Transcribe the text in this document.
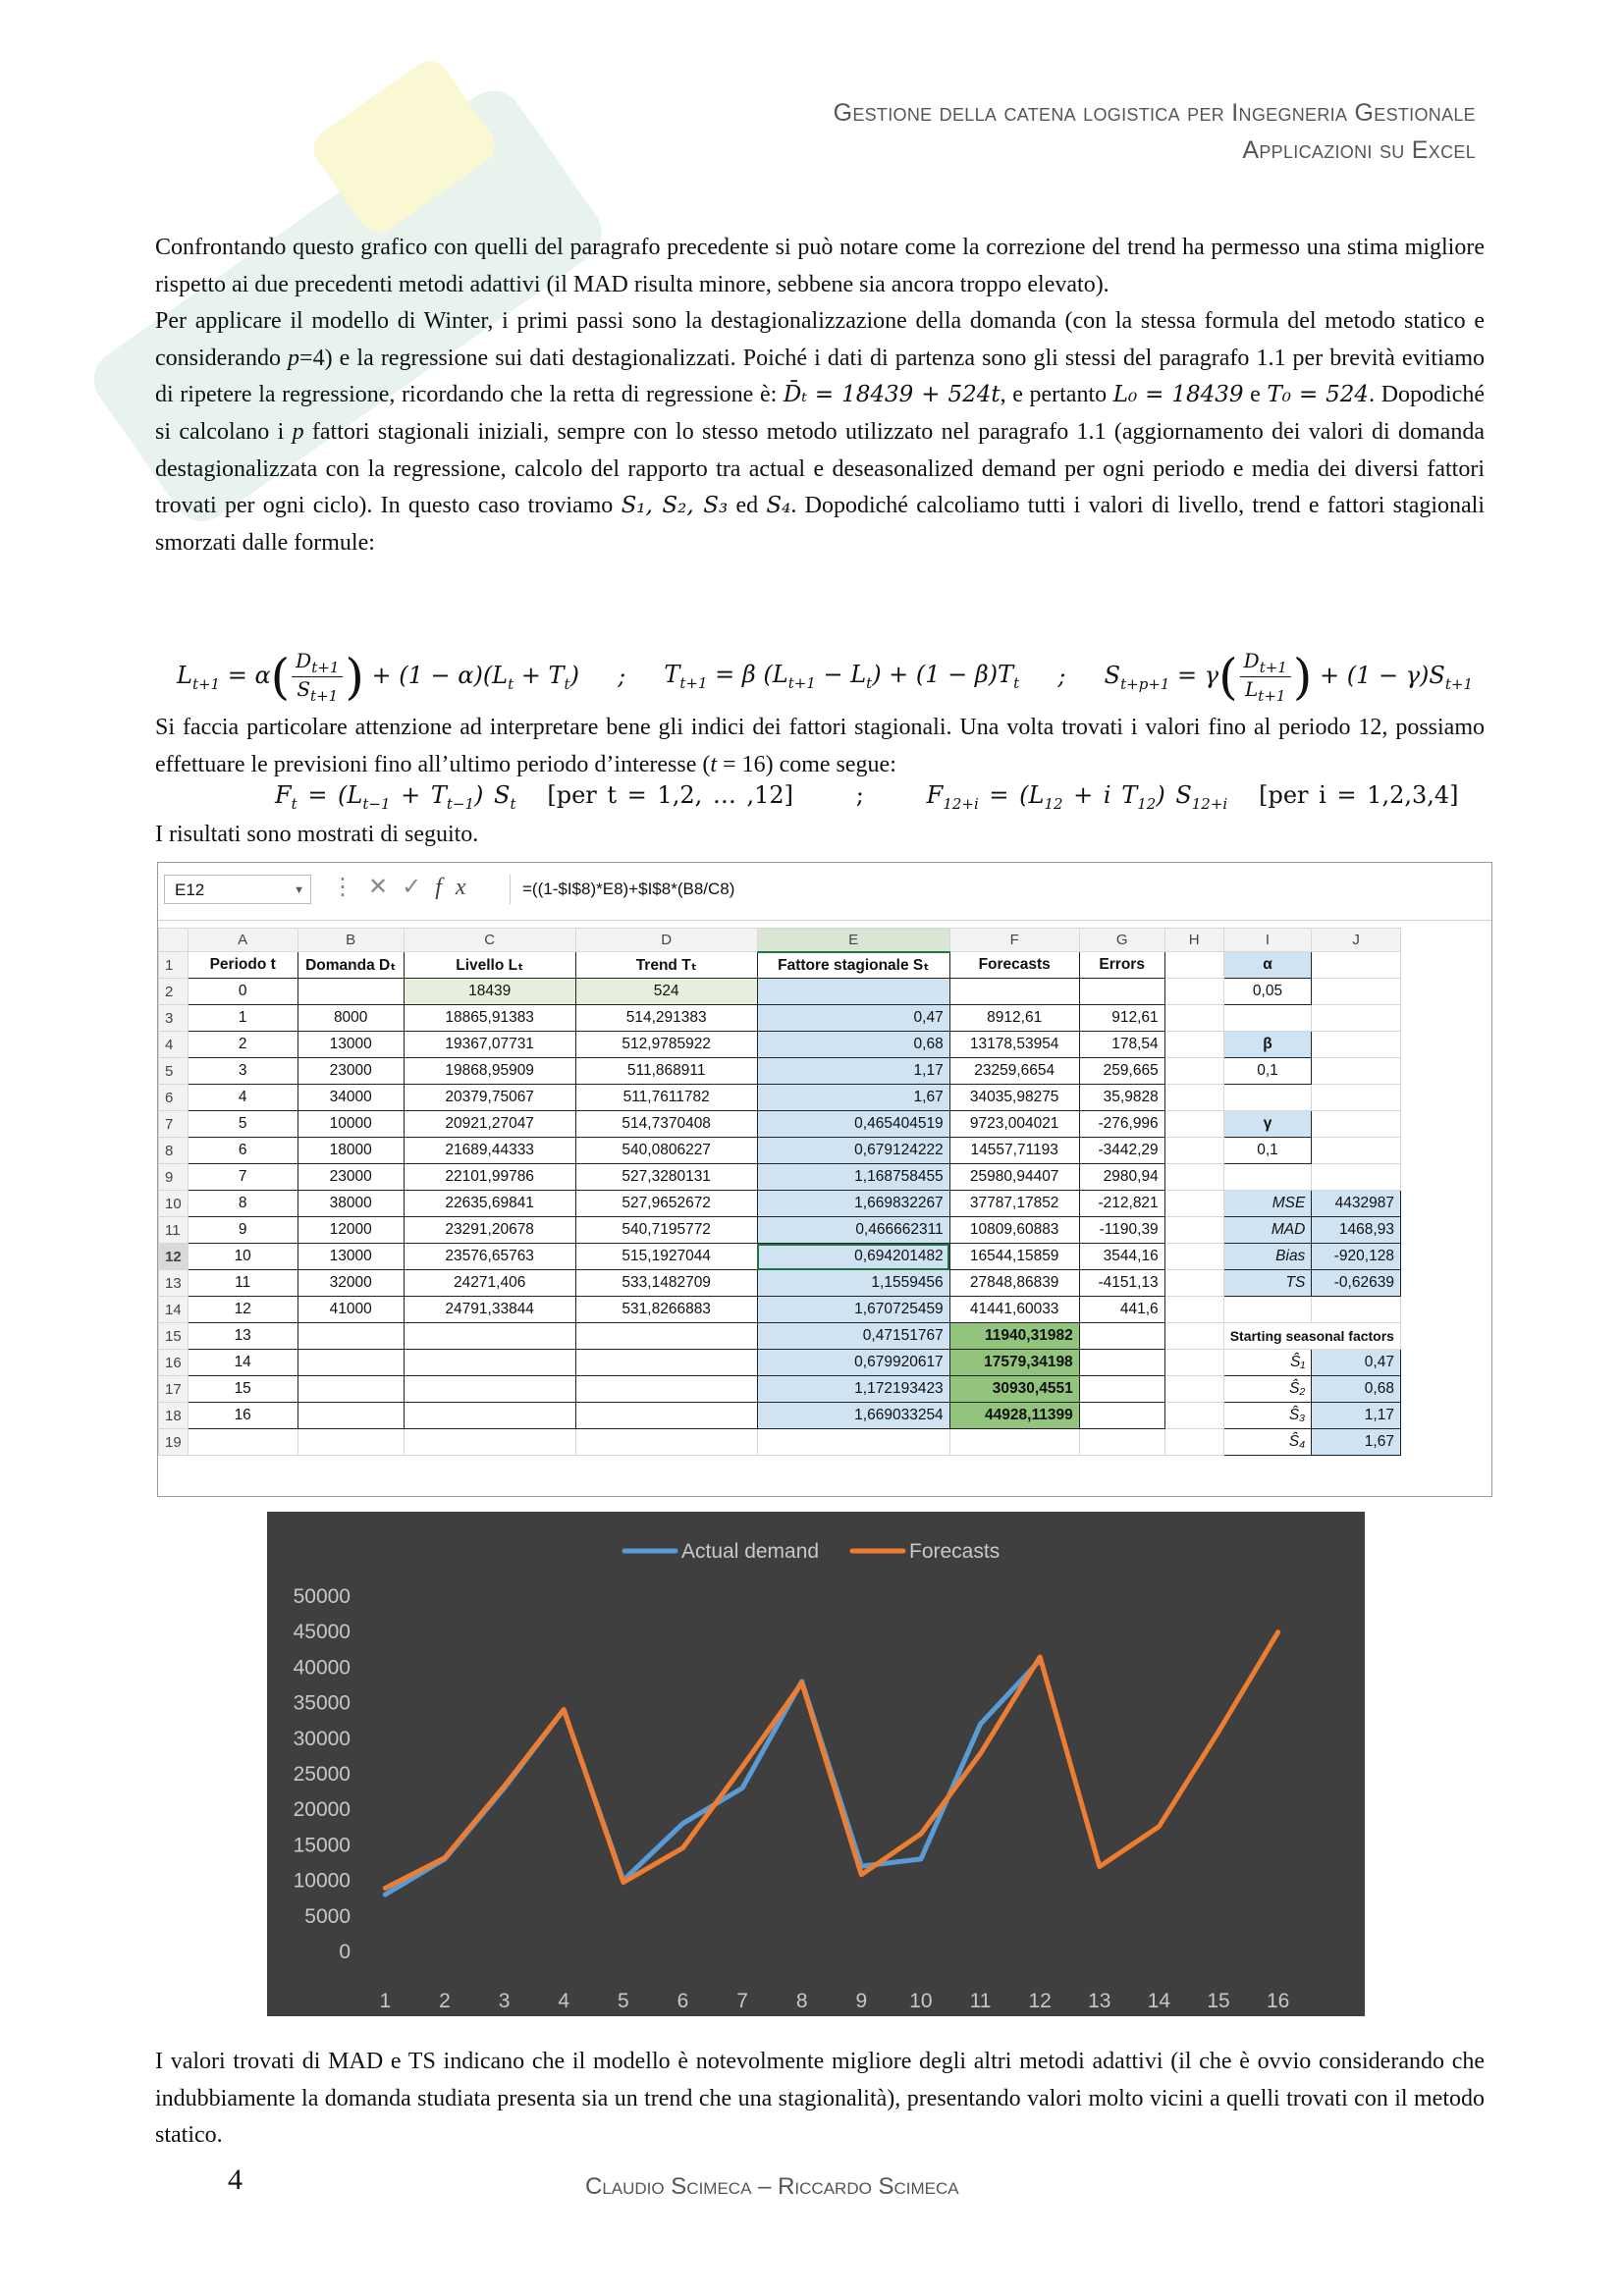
Gestione della catena logistica per Ingegneria Gestionale
Applicazioni su Excel

Confrontando questo grafico con quelli del paragrafo precedente si può notare come la correzione del trend ha permesso una stima migliore rispetto ai due precedenti metodi adattivi (il MAD risulta minore, sebbene sia ancora troppo elevato).

Per applicare il modello di Winter, i primi passi sono la destagionalizzazione della domanda (con la stessa formula del metodo statico e considerando p=4) e la regressione sui dati destagionalizzati. Poiché i dati di partenza sono gli stessi del paragrafo 1.1 per brevità evitiamo di ripetere la regressione, ricordando che la retta di regressione è: D̄ₜ = 18439 + 524t, e pertanto L₀ = 18439 e T₀ = 524. Dopodiché si calcolano i p fattori stagionali iniziali, sempre con lo stesso metodo utilizzato nel paragrafo 1.1 (aggiornamento dei valori di domanda destagionalizzata con la regressione, calcolo del rapporto tra actual e deseasonalized demand per ogni periodo e media dei diversi fattori trovati per ogni ciclo). In questo caso troviamo S₁, S₂, S₃ ed S₄. Dopodiché calcoliamo tutti i valori di livello, trend e fattori stagionali smorzati dalle formule:

$L_{t+1} = \alpha( \frac{D_{t+1}}{S_{t+1}}$ ) + $(1 - \alpha)(L_t + T_t)$ ; $T_{t+1} = \beta$ $(L_{t+1} - L_t) + (1 - \beta)T_t$ ; $S_{t+p+1} = \gamma( \frac{D_{t+1}}{L_{t+1}}$ ) + $(1 - \gamma)S_{t+1}$

Si faccia particolare attenzione ad interpretare bene gli indici dei fattori stagionali. Una volta trovati i valori fino al periodo 12, possiamo effettuare le previsioni fino all’ultimo periodo d’interesse (t = 16) come segue:

$F_t = (L_{t-1} + T_{t-1})$ $S_t$ [per t = 1,2, … ,12]	;	$F_{12+i} = (L_{12} + i$ $T_{12}$) $S_{12+i}$ [per i = 1,2,3,4]

I risultati sono mostrati di seguito.

E12	▼ ⋮✕✓fx	=((1-$I$8)*E8)+$I$8*(B8/C8)
	A	B	C	D	E	F	G	H	I	J
1	Periodo t	Domanda Dₜ	Livello Lₜ	Trend Tₜ	Fattore stagionale Sₜ	Forecasts	Errors		α	
2	0		18439	524					0,05	
3	1	8000	18865,91383	514,291383	0,47	8912,61	912,61			
4	2	13000	19367,07731	512,9785922	0,68	13178,53954	178,54		β	
5	3	23000	19868,95909	511,868911	1,17	23259,6654	259,665		0,1	
6	4	34000	20379,75067	511,7611782	1,67	34035,98275	35,9828			
7	5	10000	20921,27047	514,7370408	0,465404519	9723,004021	-276,996		γ	
8	6	18000	21689,44333	540,0806227	0,679124222	14557,71193	-3442,29		0,1	
9	7	23000	22101,99786	527,3280131	1,168758455	25980,94407	2980,94			
10	8	38000	22635,69841	527,9652672	1,669832267	37787,17852	-212,821		MSE	4432987
11	9	12000	23291,20678	540,7195772	0,466662311	10809,60883	-1190,39		MAD	1468,93
12	10	13000	23576,65763	515,1927044	0,694201482	16544,15859	3544,16		Bias	-920,128
13	11	32000	24271,406	533,1482709	1,1559456	27848,86839	-4151,13		TS	-0,62639
14	12	41000	24791,33844	531,8266883	1,670725459	41441,60033	441,6			
15	13				0,47151767	11940,31982			Starting seasonal factors	
16	14				0,679920617	17579,34198			Ŝ₁	0,47
17	15				1,172193423	30930,4551			Ŝ₂	0,68
18	16				1,669033254	44928,11399			Ŝ₃	1,17
19									Ŝ₄	1,67
50000
45000
40000
35000
30000
25000
20000
15000
10000
5000
0
1 2 3 4 5 6 7 8 9 10 11 12 13 14 15 16
Actual demand	Forecasts

I valori trovati di MAD e TS indicano che il modello è notevolmente migliore degli altri metodi adattivi (il che è ovvio considerando che indubbiamente la domanda studiata presenta sia un trend che una stagionalità), presentando valori molto vicini a quelli trovati con il metodo statico.

4	Claudio Scimeca – Riccardo Scimeca
